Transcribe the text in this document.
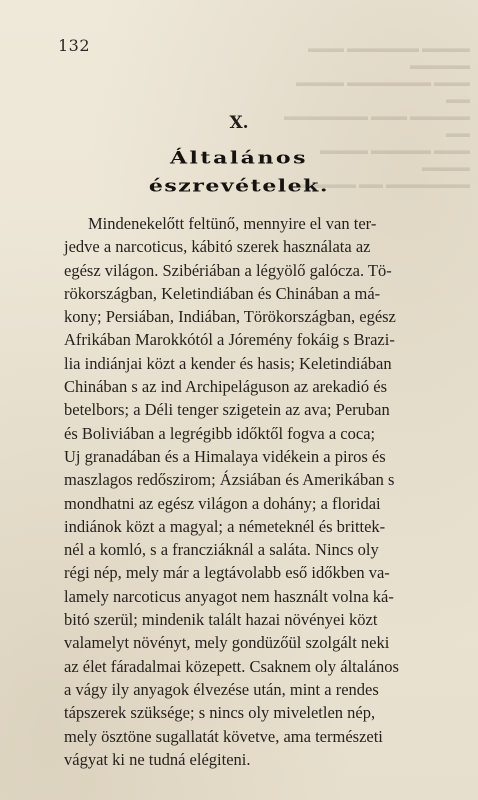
▬▬▬▬ ▬▬▬▬▬▬ ▬▬▬ ▬▬▬▬▬
▬▬▬ ▬▬▬▬▬▬▬ ▬▬▬▬ ▬▬
▬▬▬▬▬ ▬▬▬ ▬▬▬▬▬▬▬ ▬▬
▬▬▬ ▬▬▬▬▬ ▬▬▬▬ ▬▬▬▬
▬▬▬▬▬▬▬ ▬▬ ▬▬▬▬▬
132
X.
Általános
észrevételek.
Mindenekelőtt feltünő, mennyire el van ter-
jedve a narcoticus, kábitó szerek használata az
egész világon. Szibériában a légyölő galócza. Tö-
rökországban, Keletindiában és Chinában a má-
kony; Persiában, Indiában, Törökországban, egész
Afrikában Marokkótól a Jóremény fokáig s Brazi-
lia indiánjai közt a kender és hasis; Keletindiában
Chinában s az ind Archipeláguson az arekadió és
betelbors; a Déli tenger szigetein az ava; Peruban
és Boliviában a legrégibb időktől fogva a coca;
Uj granadában és a Himalaya vidékein a piros és
maszlagos redőszirom; Ázsiában és Amerikában s
mondhatni az egész világon a dohány; a floridai
indiánok közt a magyal; a németeknél és brittek-
nél a komló, s a francziáknál a saláta. Nincs oly
régi nép, mely már a legtávolabb eső időkben va-
lamely narcoticus anyagot nem használt volna ká-
bitó szerül; mindenik talált hazai növényei közt
valamelyt növényt, mely gondüzőül szolgált neki
az élet fáradalmai közepett. Csaknem oly általános
a vágy ily anyagok élvezése után, mint a rendes
tápszerek szüksége; s nincs oly miveletlen nép,
mely ösztöne sugallatát követve, ama természeti
vágyat ki ne tudná elégiteni.
